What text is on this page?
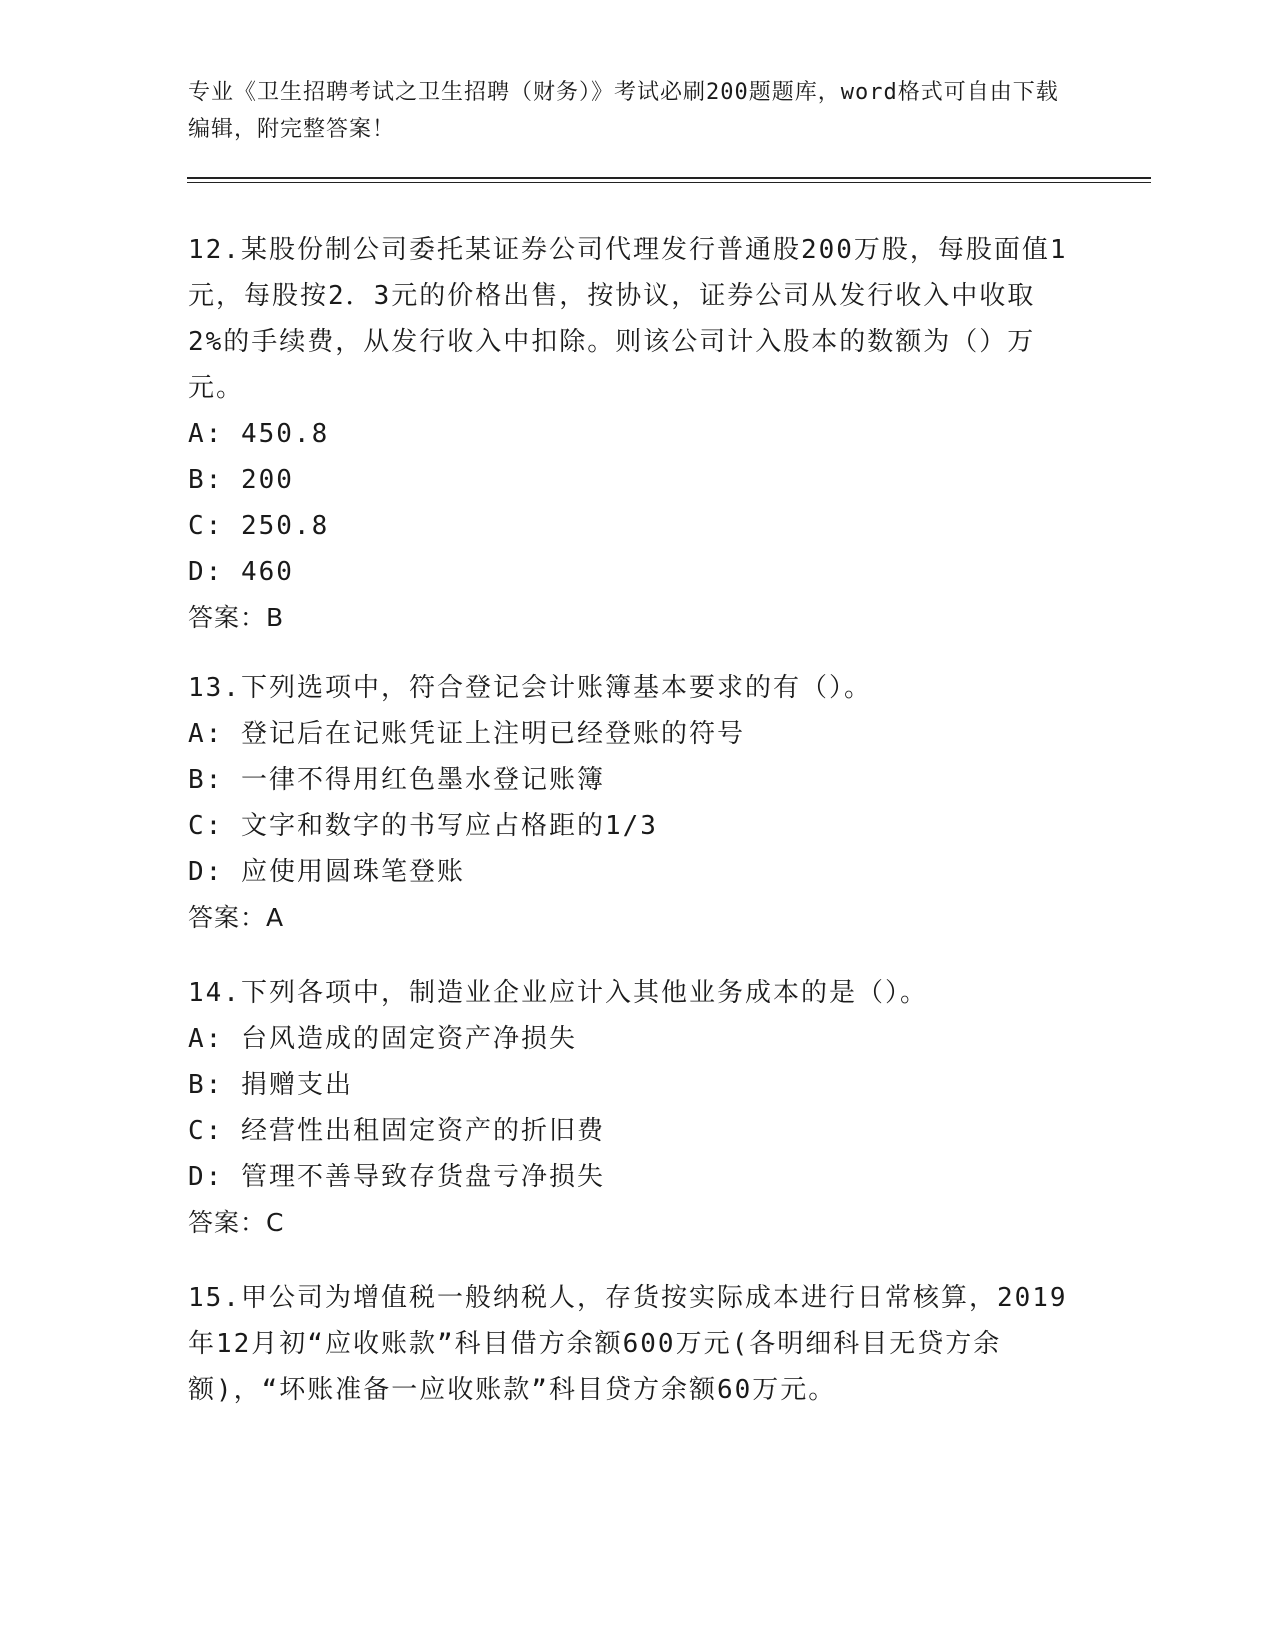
专业《卫生招聘考试之卫生招聘（财务）》考试必刷200题题库，word格式可自由下载编辑，附完整答案！

12.某股份制公司委托某证券公司代理发行普通股200万股，每股面值1元，每股按2．3元的价格出售，按协议，证券公司从发行收入中收取2%的手续费，从发行收入中扣除。则该公司计入股本的数额为（）万元。

A: 450.8

B: 200

C: 250.8

D: 460

答案：B

13.下列选项中，符合登记会计账簿基本要求的有（）。

A: 登记后在记账凭证上注明已经登账的符号

B: 一律不得用红色墨水登记账簿

C: 文字和数字的书写应占格距的1/3

D: 应使用圆珠笔登账

答案：A

14.下列各项中，制造业企业应计入其他业务成本的是（）。

A: 台风造成的固定资产净损失

B: 捐赠支出

C: 经营性出租固定资产的折旧费

D: 管理不善导致存货盘亏净损失

答案：C

15.甲公司为增值税一般纳税人，存货按实际成本进行日常核算，2019年12月初“应收账款”科目借方余额600万元(各明细科目无贷方余额)，“坏账准备一应收账款”科目贷方余额60万元。
